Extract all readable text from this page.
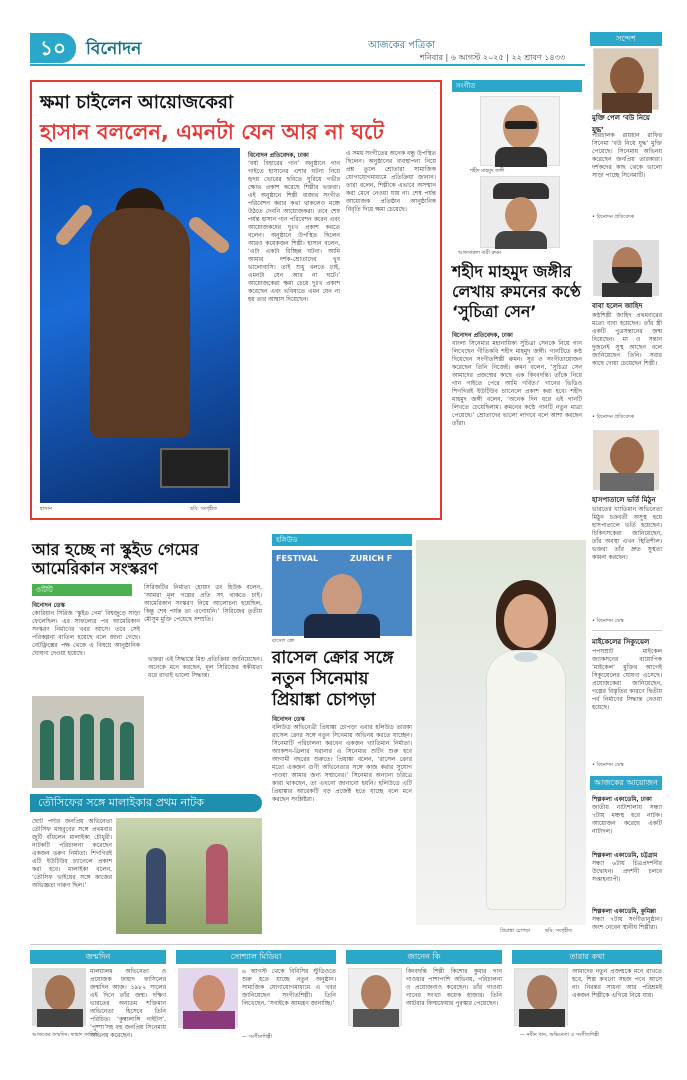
১০	বিনোদন	আজকের পত্রিকা
শনিবার | ৬ আগস্ট ২০২৫ | ২২ শ্রাবণ ১৪৩৩
ক্ষমা চাইলেন আয়োজকেরা
হাসান বললেন, এমনটা যেন আর না ঘটে
হাসান	ছবি: সংগৃহীত
বিনোদন প্রতিবেদক, ঢাকা
‘বর্ষা বিহারের গান’ অনুষ্ঠানে গান গাইতে হাসানের এশার ঘটনা নিয়ে হৃদয় ভোরের ছবিতে ঘুরিয়ে গভীর ক্ষোভ প্রকাশ করেছে শিল্পীর ভক্তরা। এই অনুষ্ঠানে শিল্পী বাজার সংগীত পরিবেশন করার কথা থাকলেও মঞ্চে উঠতে দেননি আয়োজকরা। তবে শেষ পর্যন্ত হাসান গান পরিবেশন করেন এবং আয়োজকদের দুঃখ প্রকাশ করতে বলেন। অনুষ্ঠানে উপস্থিত ছিলেন আরও কয়েকজন শিল্পী। হাসান বলেন, ‘এটা একটা বিচ্ছিন্ন ঘটনা। আমি আমার দর্শক-শ্রোতাদের খুব ভালোবাসি। তাই শুধু বলতে চাই, এমনটা যেন আর না ঘটে।’ আয়োজকেরা ক্ষমা চেয়ে দুঃখ প্রকাশ করেছেন এবং ভবিষ্যতে এমন যেন না হয় তার আশ্বাস দিয়েছেন।
এ সময় সংগীতের অনেক বন্ধু উপস্থিত ছিলেন। অনুষ্ঠানের ব্যবস্থাপনা নিয়ে প্রশ্ন তুলে শ্রোতারা সামাজিক যোগাযোগমাধ্যমে প্রতিক্রিয়া জানান। তারা বলেন, শিল্পীকে এভাবে অসম্মান করা মেনে নেওয়া যায় না। শেষ পর্যন্ত আয়োজক প্রতিষ্ঠান আনুষ্ঠানিক বিবৃতি দিয়ে ক্ষমা চেয়েছে।
সংগীত
শহীদ মাহমুদ জঙ্গী
আফসারুল বারী রুমন
শহীদ মাহমুদ জঙ্গীর লেখায় রুমনের কণ্ঠে ‘সুচিত্রা সেন’
বিনোদন প্রতিবেদক, ঢাকা
বাংলা সিনেমার মহানায়িকা সুচিত্রা সেনকে নিয়ে গান লিখেছেন গীতিকবি শহীদ মাহমুদ জঙ্গী। গানটিতে কণ্ঠ দিয়েছেন সংগীতশিল্পী রুমন। সুর ও সংগীতায়োজন করেছেন তিনি নিজেই। রুমন বলেন, ‘সুচিত্রা সেন আমাদের প্রজন্মের কাছে এক কিংবদন্তি। তাঁকে নিয়ে গান গাইতে পেরে আমি গর্বিত।’ গানের ভিডিও শিগগিরই ইউটিউব চ্যানেলে প্রকাশ করা হবে। শহীদ মাহমুদ জঙ্গী বলেন, ‘অনেক দিন ধরে এই গানটি লিখতে চেয়েছিলাম। রুমনের কণ্ঠে গানটি নতুন মাত্রা পেয়েছে।’ শ্রোতাদের ভালো লাগবে বলে আশা করছেন তাঁরা।
সন্দেশ
মুক্তি পেল ‘বউ নিয়ে যুদ্ধ’
পরিচালক রায়হান রাফির সিনেমা ‘বউ নিয়ে যুদ্ধ’ মুক্তি পেয়েছে। সিনেমায় অভিনয় করেছেন জনপ্রিয় তারকারা। দর্শকদের কাছ থেকে ভালো সাড়া পাচ্ছে সিনেমাটি।
• বিনোদন প্রতিবেদক
বাবা হলেন জাহিদ
কণ্ঠশিল্পী জাহিদ প্রথমবারের মতো বাবা হয়েছেন। তাঁর স্ত্রী একটি পুত্রসন্তানের জন্ম দিয়েছেন। মা ও সন্তান দুজনেই সুস্থ আছেন বলে জানিয়েছেন তিনি। সবার কাছে দোয়া চেয়েছেন শিল্পী।
• বিনোদন প্রতিবেদক
হাসপাতালে ভর্তি মিঠুন
ভারতের খ্যাতিমান অভিনেতা মিঠুন চক্রবর্তী অসুস্থ হয়ে হাসপাতালে ভর্তি হয়েছেন। চিকিৎসকেরা জানিয়েছেন, তাঁর অবস্থা এখন স্থিতিশীল। ভক্তরা তাঁর দ্রুত সুস্থতা কামনা করছেন।
• বিনোদন ডেস্ক
মাইকেলের সিক্যুয়েল
পপসম্রাট মাইকেল জ্যাকসনের বায়োপিক ‘মাইকেল’ মুক্তির আগেই সিক্যুয়েলের ঘোষণা এসেছে। প্রযোজকেরা জানিয়েছেন, গল্পের বিস্তৃতির কারণে দ্বিতীয় পর্ব নির্মাণের সিদ্ধান্ত নেওয়া হয়েছে।
• বিনোদন ডেস্ক
আজকের আয়োজন
শিল্পকলা একাডেমি, ঢাকা
জাতীয় নাট্যশালায় সন্ধ্যা ৭টায় মঞ্চস্থ হবে নাটক। আয়োজন করেছে একটি নাট্যদল।
শিল্পকলা একাডেমি, চট্টগ্রাম
সন্ধ্যা ৬টায় চিত্রপ্রদর্শনীর উদ্বোধন। প্রদর্শনী চলবে সপ্তাহব্যাপী।
শিল্পকলা একাডেমি, কুমিল্লা
সন্ধ্যা ৭টায় সংগীতানুষ্ঠান। অংশ নেবেন স্থানীয় শিল্পীরা।
আর হচ্ছে না স্কুইড গেমের আমেরিকান সংস্করণ
ওটিটি
বিনোদন ডেস্ক
কোরিয়ান সিরিজ ‘স্কুইড গেম’ বিশ্বজুড়ে সাড়া ফেলেছিল। এর সাফল্যের পর আমেরিকান সংস্করণ নির্মাণের খবর আসে। তবে সেই পরিকল্পনা বাতিল হয়েছে বলে জানা গেছে। নেটফ্লিক্সের পক্ষ থেকে এ বিষয়ে আনুষ্ঠানিক ঘোষণা দেওয়া হয়েছে।
সিরিজটির নির্মাতা হোয়াং ডং হিউক বলেন, ‘আমরা মূল গল্পের প্রতি সৎ থাকতে চাই। আমেরিকান সংস্করণ নিয়ে আলোচনা হয়েছিল, কিন্তু শেষ পর্যন্ত তা এগোয়নি।’ সিরিজের তৃতীয় মৌসুম মুক্তি পেয়েছে সম্প্রতি।
ভক্তরা এই সিদ্ধান্তে মিশ্র প্রতিক্রিয়া জানিয়েছেন। অনেকে মনে করছেন, মূল সিরিজের স্বকীয়তা ধরে রাখাই ভালো সিদ্ধান্ত।
তৌসিফের সঙ্গে মালাইকার প্রথম নাটক
ছোট পর্দার জনপ্রিয় অভিনেতা তৌসিফ মাহবুবের সঙ্গে প্রথমবার জুটি বাঁধলেন মালাইকা চৌধুরী। নাটকটি পরিচালনা করেছেন একজন তরুণ নির্মাতা। শিগগিরই এটি ইউটিউব চ্যানেলে প্রকাশ করা হবে। মালাইকা বলেন, ‘তৌসিফ ভাইয়ের সঙ্গে কাজের অভিজ্ঞতা দারুণ ছিল।’
হলিউড
FESTIVAL	ZURICH F
রাসেল ক্রো
রাসেল ক্রোর সঙ্গে নতুন সিনেমায় প্রিয়াঙ্কা চোপড়া
বিনোদন ডেস্ক
বলিউড অভিনেত্রী প্রিয়াঙ্কা চোপড়া এবার হলিউড তারকা রাসেল ক্রোর সঙ্গে নতুন সিনেমায় অভিনয় করতে যাচ্ছেন। সিনেমাটি পরিচালনা করবেন একজন খ্যাতিমান নির্মাতা। অ্যাকশন-থ্রিলার ঘরানার এ সিনেমার শুটিং শুরু হবে আগামী বছরের শুরুতে। প্রিয়াঙ্কা বলেন, ‘রাসেল ক্রোর মতো একজন গুণী অভিনেতার সঙ্গে কাজ করার সুযোগ পাওয়া আমার জন্য সম্মানের।’ সিনেমার অন্যান্য চরিত্রে কারা থাকছেন, তা এখনো জানানো হয়নি। হলিউডে এটি প্রিয়াঙ্কার আরেকটি বড় প্রজেক্ট হতে যাচ্ছে বলে মনে করছেন সংশ্লিষ্টরা।
প্রিয়াঙ্কা চোপড়া	ছবি: সংগৃহীত
জন্মদিন
মালয়ালম অভিনেতা ও প্রযোজক ফাহাদ ফাসিলের জন্মদিন আজ। ১৯৮২ সালের এই দিনে তাঁর জন্ম। দক্ষিণ ভারতের অন্যতম শক্তিমান অভিনেতা হিসেবে তিনি পরিচিত। ‘কুম্বালাঙ্গি নাইটস’, ‘পুষ্পা’সহ বহু জনপ্রিয় সিনেমায় অভিনয় করেছেন।
আজকের জন্মদিন: ফাহাদ ফাসিল
সোশ্যাল মিডিয়া
৬ আগস্ট থেকে বিবিসির স্টুডিওতে শুরু হতে যাচ্ছে নতুন অনুষ্ঠান। সামাজিক যোগাযোগমাধ্যমে এ খবর জানিয়েছেন সংগীতশিল্পী। তিনি লিখেছেন, ‘সবাইকে আমন্ত্রণ জানাচ্ছি।’
— সংগীতশিল্পী
জানেন কি
কিংবদন্তি শিল্পী কিশোর কুমার গান গাওয়ার পাশাপাশি অভিনয়, পরিচালনা ও প্রযোজনাও করেছেন। তাঁর গাওয়া গানের সংখ্যা কয়েক হাজার। তিনি আটবার ফিল্মফেয়ার পুরস্কার পেয়েছেন।
তারার কথা
আমাদের নতুন প্রজন্মকে মনে রাখতে হবে, শিল্প কখনো সহজ পথে আসে না। নিরন্তর সাধনা আর পরিশ্রমই একজন শিল্পীকে এগিয়ে নিয়ে যায়।
— নবীন খান, অভিনেতা ও সংগীতশিল্পী
